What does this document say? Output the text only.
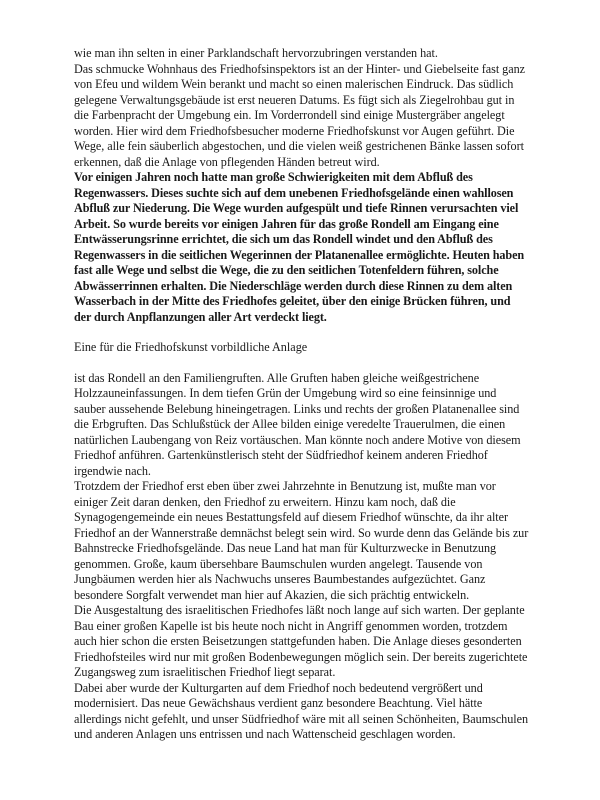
wie man ihn selten in einer Parklandschaft hervorzubringen verstanden hat.
Das schmucke Wohnhaus des Friedhofsinspektors ist an der Hinter- und Giebelseite fast ganz
von Efeu und wildem Wein berankt und macht so einen malerischen Eindruck. Das südlich
gelegene Verwaltungsgebäude ist erst neueren Datums. Es fügt sich als Ziegelrohbau gut in
die Farbenpracht der Umgebung ein. Im Vorderrondell sind einige Mustergräber angelegt
worden. Hier wird dem Friedhofsbesucher moderne Friedhofskunst vor Augen geführt. Die
Wege, alle fein säuberlich abgestochen, und die vielen weiß gestrichenen Bänke lassen sofort
erkennen, daß die Anlage von pflegenden Händen betreut wird.
Vor einigen Jahren noch hatte man große Schwierigkeiten mit dem Abfluß des
Regenwassers. Dieses suchte sich auf dem unebenen Friedhofsgelände einen wahllosen
Abfluß zur Niederung. Die Wege wurden aufgespült und tiefe Rinnen verursachten viel
Arbeit. So wurde bereits vor einigen Jahren für das große Rondell am Eingang eine
Entwässerungsrinne errichtet, die sich um das Rondell windet und den Abfluß des
Regenwassers in die seitlichen Wegerinnen der Platanenallee ermöglichte. Heuten haben
fast alle Wege und selbst die Wege, die zu den seitlichen Totenfeldern führen, solche
Abwässerrinnen erhalten. Die Niederschläge werden durch diese Rinnen zu dem alten
Wasserbach in der Mitte des Friedhofes geleitet, über den einige Brücken führen, und
der durch Anpflanzungen aller Art verdeckt liegt.
Eine für die Friedhofskunst vorbildliche Anlage
ist das Rondell an den Familiengruften. Alle Gruften haben gleiche weißgestrichene
Holzzauneinfassungen. In dem tiefen Grün der Umgebung wird so eine feinsinnige und
sauber aussehende Belebung hineingetragen. Links und rechts der großen Platanenallee sind
die Erbgruften. Das Schlußstück der Allee bilden einige veredelte Trauerulmen, die einen
natürlichen Laubengang von Reiz vortäuschen. Man könnte noch andere Motive von diesem
Friedhof anführen. Gartenkünstlerisch steht der Südfriedhof keinem anderen Friedhof
irgendwie nach.
Trotzdem der Friedhof erst eben über zwei Jahrzehnte in Benutzung ist, mußte man vor
einiger Zeit daran denken, den Friedhof zu erweitern. Hinzu kam noch, daß die
Synagogengemeinde ein neues Bestattungsfeld auf diesem Friedhof wünschte, da ihr alter
Friedhof an der Wannerstraße demnächst belegt sein wird. So wurde denn das Gelände bis zur
Bahnstrecke Friedhofsgelände. Das neue Land hat man für Kulturzwecke in Benutzung
genommen. Große, kaum übersehbare Baumschulen wurden angelegt. Tausende von
Jungbäumen werden hier als Nachwuchs unseres Baumbestandes aufgezüchtet. Ganz
besondere Sorgfalt verwendet man hier auf Akazien, die sich prächtig entwickeln.
Die Ausgestaltung des israelitischen Friedhofes läßt noch lange auf sich warten. Der geplante
Bau einer großen Kapelle ist bis heute noch nicht in Angriff genommen worden, trotzdem
auch hier schon die ersten Beisetzungen stattgefunden haben. Die Anlage dieses gesonderten
Friedhofsteiles wird nur mit großen Bodenbewegungen möglich sein. Der bereits zugerichtete
Zugangsweg zum israelitischen Friedhof liegt separat.
Dabei aber wurde der Kulturgarten auf dem Friedhof noch bedeutend vergrößert und
modernisiert. Das neue Gewächshaus verdient ganz besondere Beachtung. Viel hätte
allerdings nicht gefehlt, und unser Südfriedhof wäre mit all seinen Schönheiten, Baumschulen
und anderen Anlagen uns entrissen und nach Wattenscheid geschlagen worden.
